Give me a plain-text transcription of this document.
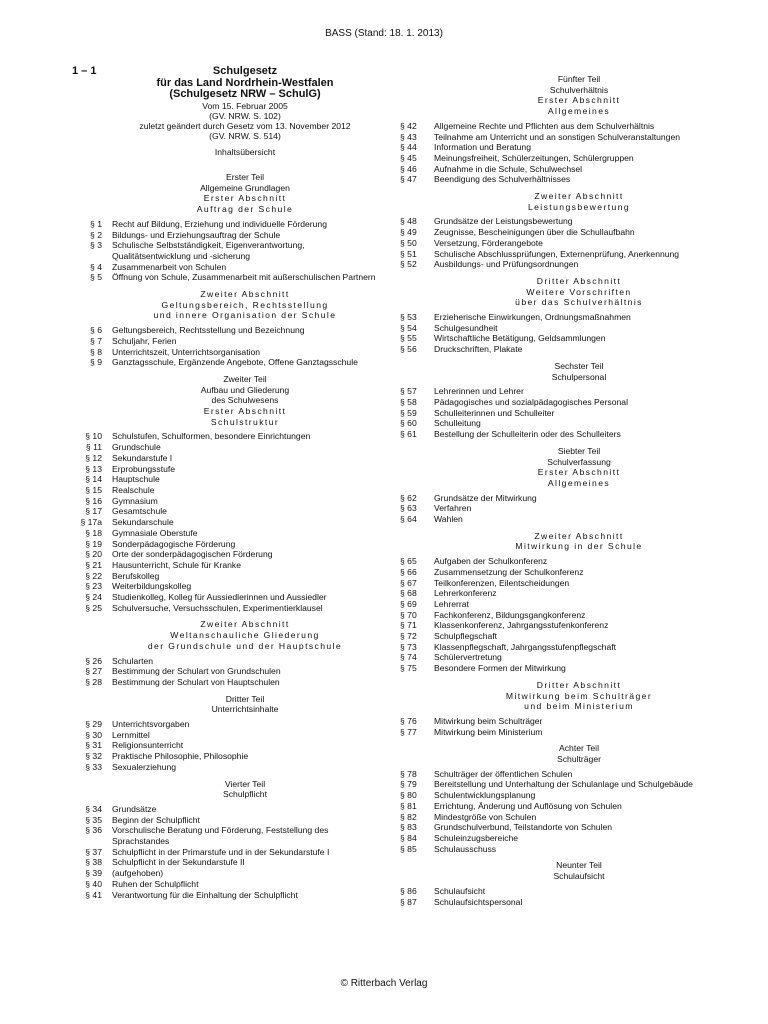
BASS (Stand: 18. 1. 2013)
1 – 1	Schulgesetz
für das Land Nordrhein-Westfalen
(Schulgesetz NRW – SchulG)
Vom 15. Februar 2005
(GV. NRW. S. 102)
zuletzt geändert durch Gesetz vom 13. November 2012
(GV. NRW. S. 514)
Inhaltsübersicht
Erster Teil
Allgemeine Grundlagen
Erster Abschnitt
Auftrag der Schule
§ 1	Recht auf Bildung, Erziehung und individuelle Förderung
§ 2	Bildungs- und Erziehungsauftrag der Schule
§ 3	Schulische Selbstständigkeit, Eigenverantwortung, Qualitätsentwicklung und -sicherung
§ 4	Zusammenarbeit von Schulen
§ 5	Öffnung von Schule, Zusammenarbeit mit außerschulischen Partnern
Zweiter Abschnitt
Geltungsbereich, Rechtsstellung
und innere Organisation der Schule
§ 6	Geltungsbereich, Rechtsstellung und Bezeichnung
§ 7	Schuljahr, Ferien
§ 8	Unterrichtszeit, Unterrichtsorganisation
§ 9	Ganztagsschule, Ergänzende Angebote, Offene Ganztagsschule
Zweiter Teil
Aufbau und Gliederung
des Schulwesens
Erster Abschnitt
Schulstruktur
§ 10	Schulstufen, Schulformen, besondere Einrichtungen
§ 11	Grundschule
§ 12	Sekundarstufe I
§ 13	Erprobungsstufe
§ 14	Hauptschule
§ 15	Realschule
§ 16	Gymnasium
§ 17	Gesamtschule
§ 17a	Sekundarschule
§ 18	Gymnasiale Oberstufe
§ 19	Sonderpädagogische Förderung
§ 20	Orte der sonderpädagogischen Förderung
§ 21	Hausunterricht, Schule für Kranke
§ 22	Berufskolleg
§ 23	Weiterbildungskolleg
§ 24	Studienkolleg, Kolleg für Aussiedlerinnen und Aussiedler
§ 25	Schulversuche, Versuchsschulen, Experimentierklausel
Zweiter Abschnitt
Weltanschauliche Gliederung
der Grundschule und der Hauptschule
§ 26	Schularten
§ 27	Bestimmung der Schulart von Grundschulen
§ 28	Bestimmung der Schulart von Hauptschulen
Dritter Teil
Unterrichtsinhalte
§ 29	Unterrichtsvorgaben
§ 30	Lernmittel
§ 31	Religionsunterricht
§ 32	Praktische Philosophie, Philosophie
§ 33	Sexualerziehung
Vierter Teil
Schulpflicht
§ 34	Grundsätze
§ 35	Beginn der Schulpflicht
§ 36	Vorschulische Beratung und Förderung, Feststellung des Sprachstandes
§ 37	Schulpflicht in der Primarstufe und in der Sekundarstufe I
§ 38	Schulpflicht in der Sekundarstufe II
§ 39	(aufgehoben)
§ 40	Ruhen der Schulpflicht
§ 41	Verantwortung für die Einhaltung der Schulpflicht
Fünfter Teil
Schulverhältnis
Erster Abschnitt
Allgemeines
§ 42	Allgemeine Rechte und Pflichten aus dem Schulverhältnis
§ 43	Teilnahme am Unterricht und an sonstigen Schulveranstaltungen
§ 44	Information und Beratung
§ 45	Meinungsfreiheit, Schülerzeitungen, Schülergruppen
§ 46	Aufnahme in die Schule, Schulwechsel
§ 47	Beendigung des Schulverhältnisses
Zweiter Abschnitt
Leistungsbewertung
§ 48	Grundsätze der Leistungsbewertung
§ 49	Zeugnisse, Bescheinigungen über die Schullaufbahn
§ 50	Versetzung, Förderangebote
§ 51	Schulische Abschlussprüfungen, Externenprüfung, Anerkennung
§ 52	Ausbildungs- und Prüfungsordnungen
Dritter Abschnitt
Weitere Vorschriften
über das Schulverhältnis
§ 53	Erzieherische Einwirkungen, Ordnungsmaßnahmen
§ 54	Schulgesundheit
§ 55	Wirtschaftliche Betätigung, Geldsammlungen
§ 56	Druckschriften, Plakate
Sechster Teil
Schulpersonal
§ 57	Lehrerinnen und Lehrer
§ 58	Pädagogisches und sozialpädagogisches Personal
§ 59	Schulleiterinnen und Schulleiter
§ 60	Schulleitung
§ 61	Bestellung der Schulleiterin oder des Schulleiters
Siebter Teil
Schulverfassung
Erster Abschnitt
Allgemeines
§ 62	Grundsätze der Mitwirkung
§ 63	Verfahren
§ 64	Wahlen
Zweiter Abschnitt
Mitwirkung in der Schule
§ 65	Aufgaben der Schulkonferenz
§ 66	Zusammensetzung der Schulkonferenz
§ 67	Teilkonferenzen, Eilentscheidungen
§ 68	Lehrerkonferenz
§ 69	Lehrerrat
§ 70	Fachkonferenz, Bildungsgangkonferenz
§ 71	Klassenkonferenz, Jahrgangsstufenkonferenz
§ 72	Schulpflegschaft
§ 73	Klassenpflegschaft, Jahrgangsstufenpflegschaft
§ 74	Schülervertretung
§ 75	Besondere Formen der Mitwirkung
Dritter Abschnitt
Mitwirkung beim Schulträger
und beim Ministerium
§ 76	Mitwirkung beim Schulträger
§ 77	Mitwirkung beim Ministerium
Achter Teil
Schulträger
§ 78	Schulträger der öffentlichen Schulen
§ 79	Bereitstellung und Unterhaltung der Schulanlage und Schulgebäude
§ 80	Schulentwicklungsplanung
§ 81	Errichtung, Änderung und Auflösung von Schulen
§ 82	Mindestgröße von Schulen
§ 83	Grundschulverbund, Teilstandorte von Schulen
§ 84	Schuleinzugsbereiche
§ 85	Schulausschuss
Neunter Teil
Schulaufsicht
§ 86	Schulaufsicht
§ 87	Schulaufsichtspersonal
© Ritterbach Verlag
